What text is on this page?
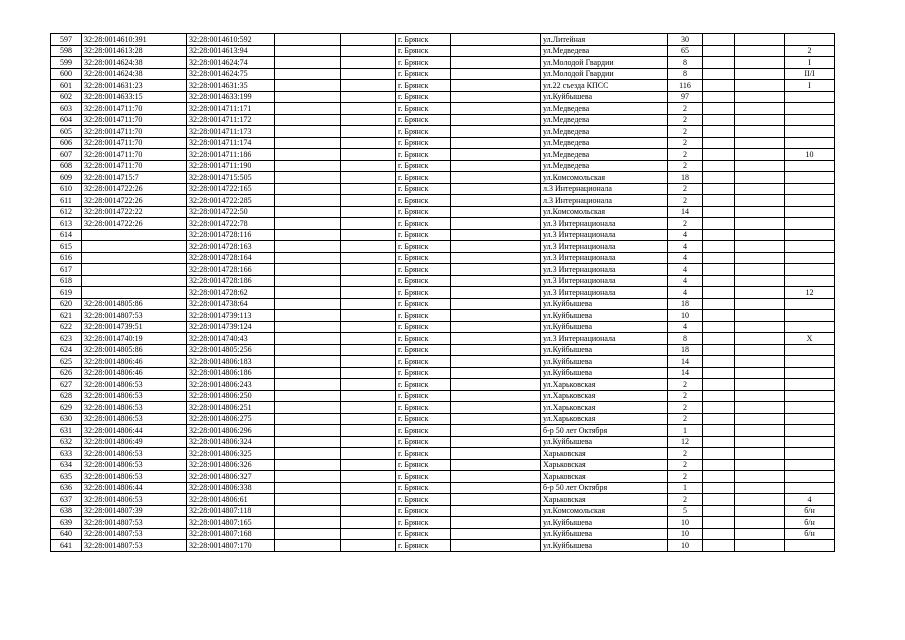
597	32:28:0014610:391	32:28:0014610:592			г. Брянск		ул.Литейная	30			
598	32:28:0014613:28	32:28:0014613:94			г. Брянск		ул.Медведева	65			2
599	32:28:0014624:38	32:28:0014624:74			г. Брянск		ул.Молодой Гвардии	8			I
600	32:28:0014624:38	32:28:0014624:75			г. Брянск		ул.Молодой Гвардии	8			II/I
601	32:28:0014631:23	32:28:0014631:35			г. Брянск		ул.22 съезда КПСС	116			I
602	32:28:0014633:15	32:28:0014633:199			г. Брянск		ул.Куйбышева	97			
603	32:28:0014711:70	32:28:0014711:171			г. Брянск		ул.Медведева	2			
604	32:28:0014711:70	32:28:0014711:172			г. Брянск		ул.Медведева	2			
605	32:28:0014711:70	32:28:0014711:173			г. Брянск		ул.Медведева	2			
606	32:28:0014711:70	32:28:0014711:174			г. Брянск		ул.Медведева	2			
607	32:28:0014711:70	32:28:0014711:186			г. Брянск		ул.Медведева	2			10
608	32:28:0014711:70	32:28:0014711:190			г. Брянск		ул.Медведева	2			
609	32:28:0014715:7	32:28:0014715:505			г. Брянск		ул.Комсомольская	18			
610	32:28:0014722:26	32:28:0014722:165			г. Брянск		л.3 Интернационала	2			
611	32:28:0014722:26	32:28:0014722:285			г. Брянск		л.3 Интернационала	2			
612	32:28:0014722:22	32:28:0014722:50			г. Брянск		ул.Комсомольская	14			
613	32:28:0014722:26	32:28:0014722:78			г. Брянск		ул.3 Интернационала	2			
614		32:28:0014728:116			г. Брянск		ул.3 Интернационала	4			
615		32:28:0014728:163			г. Брянск		ул.3 Интернационала	4			
616		32:28:0014728:164			г. Брянск		ул.3 Интернационала	4			
617		32:28:0014728:166			г. Брянск		ул.3 Интернационала	4			
618		32:28:0014728:186			г. Брянск		ул.3 Интернационала	4			
619		32:28:0014728:62			г. Брянск		ул.3 Интернационала	4			12
620	32:28:0014805:86	32:28:0014738:64			г. Брянск		ул.Куйбышева	18			
621	32:28:0014807:53	32:28:0014739:113			г. Брянск		ул.Куйбышева	10			
622	32:28:0014739:51	32:28:0014739:124			г. Брянск		ул.Куйбышева	4			
623	32:28:0014740:19	32:28:0014740:43			г. Брянск		ул.3 Интернационала	8			X
624	32:28:0014805:86	32:28:0014805:256			г. Брянск		ул.Куйбышева	18			
625	32:28:0014806:46	32:28:0014806:183			г. Брянск		ул.Куйбышева	14			
626	32:28:0014806:46	32:28:0014806:186			г. Брянск		ул.Куйбышева	14			
627	32:28:0014806:53	32:28:0014806:243			г. Брянск		ул.Харьковская	2			
628	32:28:0014806:53	32:28:0014806:250			г. Брянск		ул.Харьковская	2			
629	32:28:0014806:53	32:28:0014806:251			г. Брянск		ул.Харьковская	2			
630	32:28:0014806:53	32:28:0014806:275			г. Брянск		ул.Харьковская	2			
631	32:28:0014806:44	32:28:0014806:296			г. Брянск		б-р 50 лет Октября	1			
632	32:28:0014806:49	32:28:0014806:324			г. Брянск		ул.Куйбышева	12			
633	32:28:0014806:53	32:28:0014806:325			г. Брянск		Харьковская	2			
634	32:28:0014806:53	32:28:0014806:326			г. Брянск		Харьковская	2			
635	32:28:0014806:53	32:28:0014806:327			г. Брянск		Харьковская	2			
636	32:28:0014806:44	32:28:0014806:338			г. Брянск		б-р 50 лет Октября	1			
637	32:28:0014806:53	32:28:0014806:61			г. Брянск		Харьковская	2			4
638	32:28:0014807:39	32:28:0014807:118			г. Брянск		ул.Комсомольская	5			б/н
639	32:28:0014807:53	32:28:0014807:165			г. Брянск		ул.Куйбышева	10			б/н
640	32:28:0014807:53	32:28:0014807:168			г. Брянск		ул.Куйбышева	10			б/н
641	32:28:0014807:53	32:28:0014807:170			г. Брянск		ул.Куйбышева	10			
